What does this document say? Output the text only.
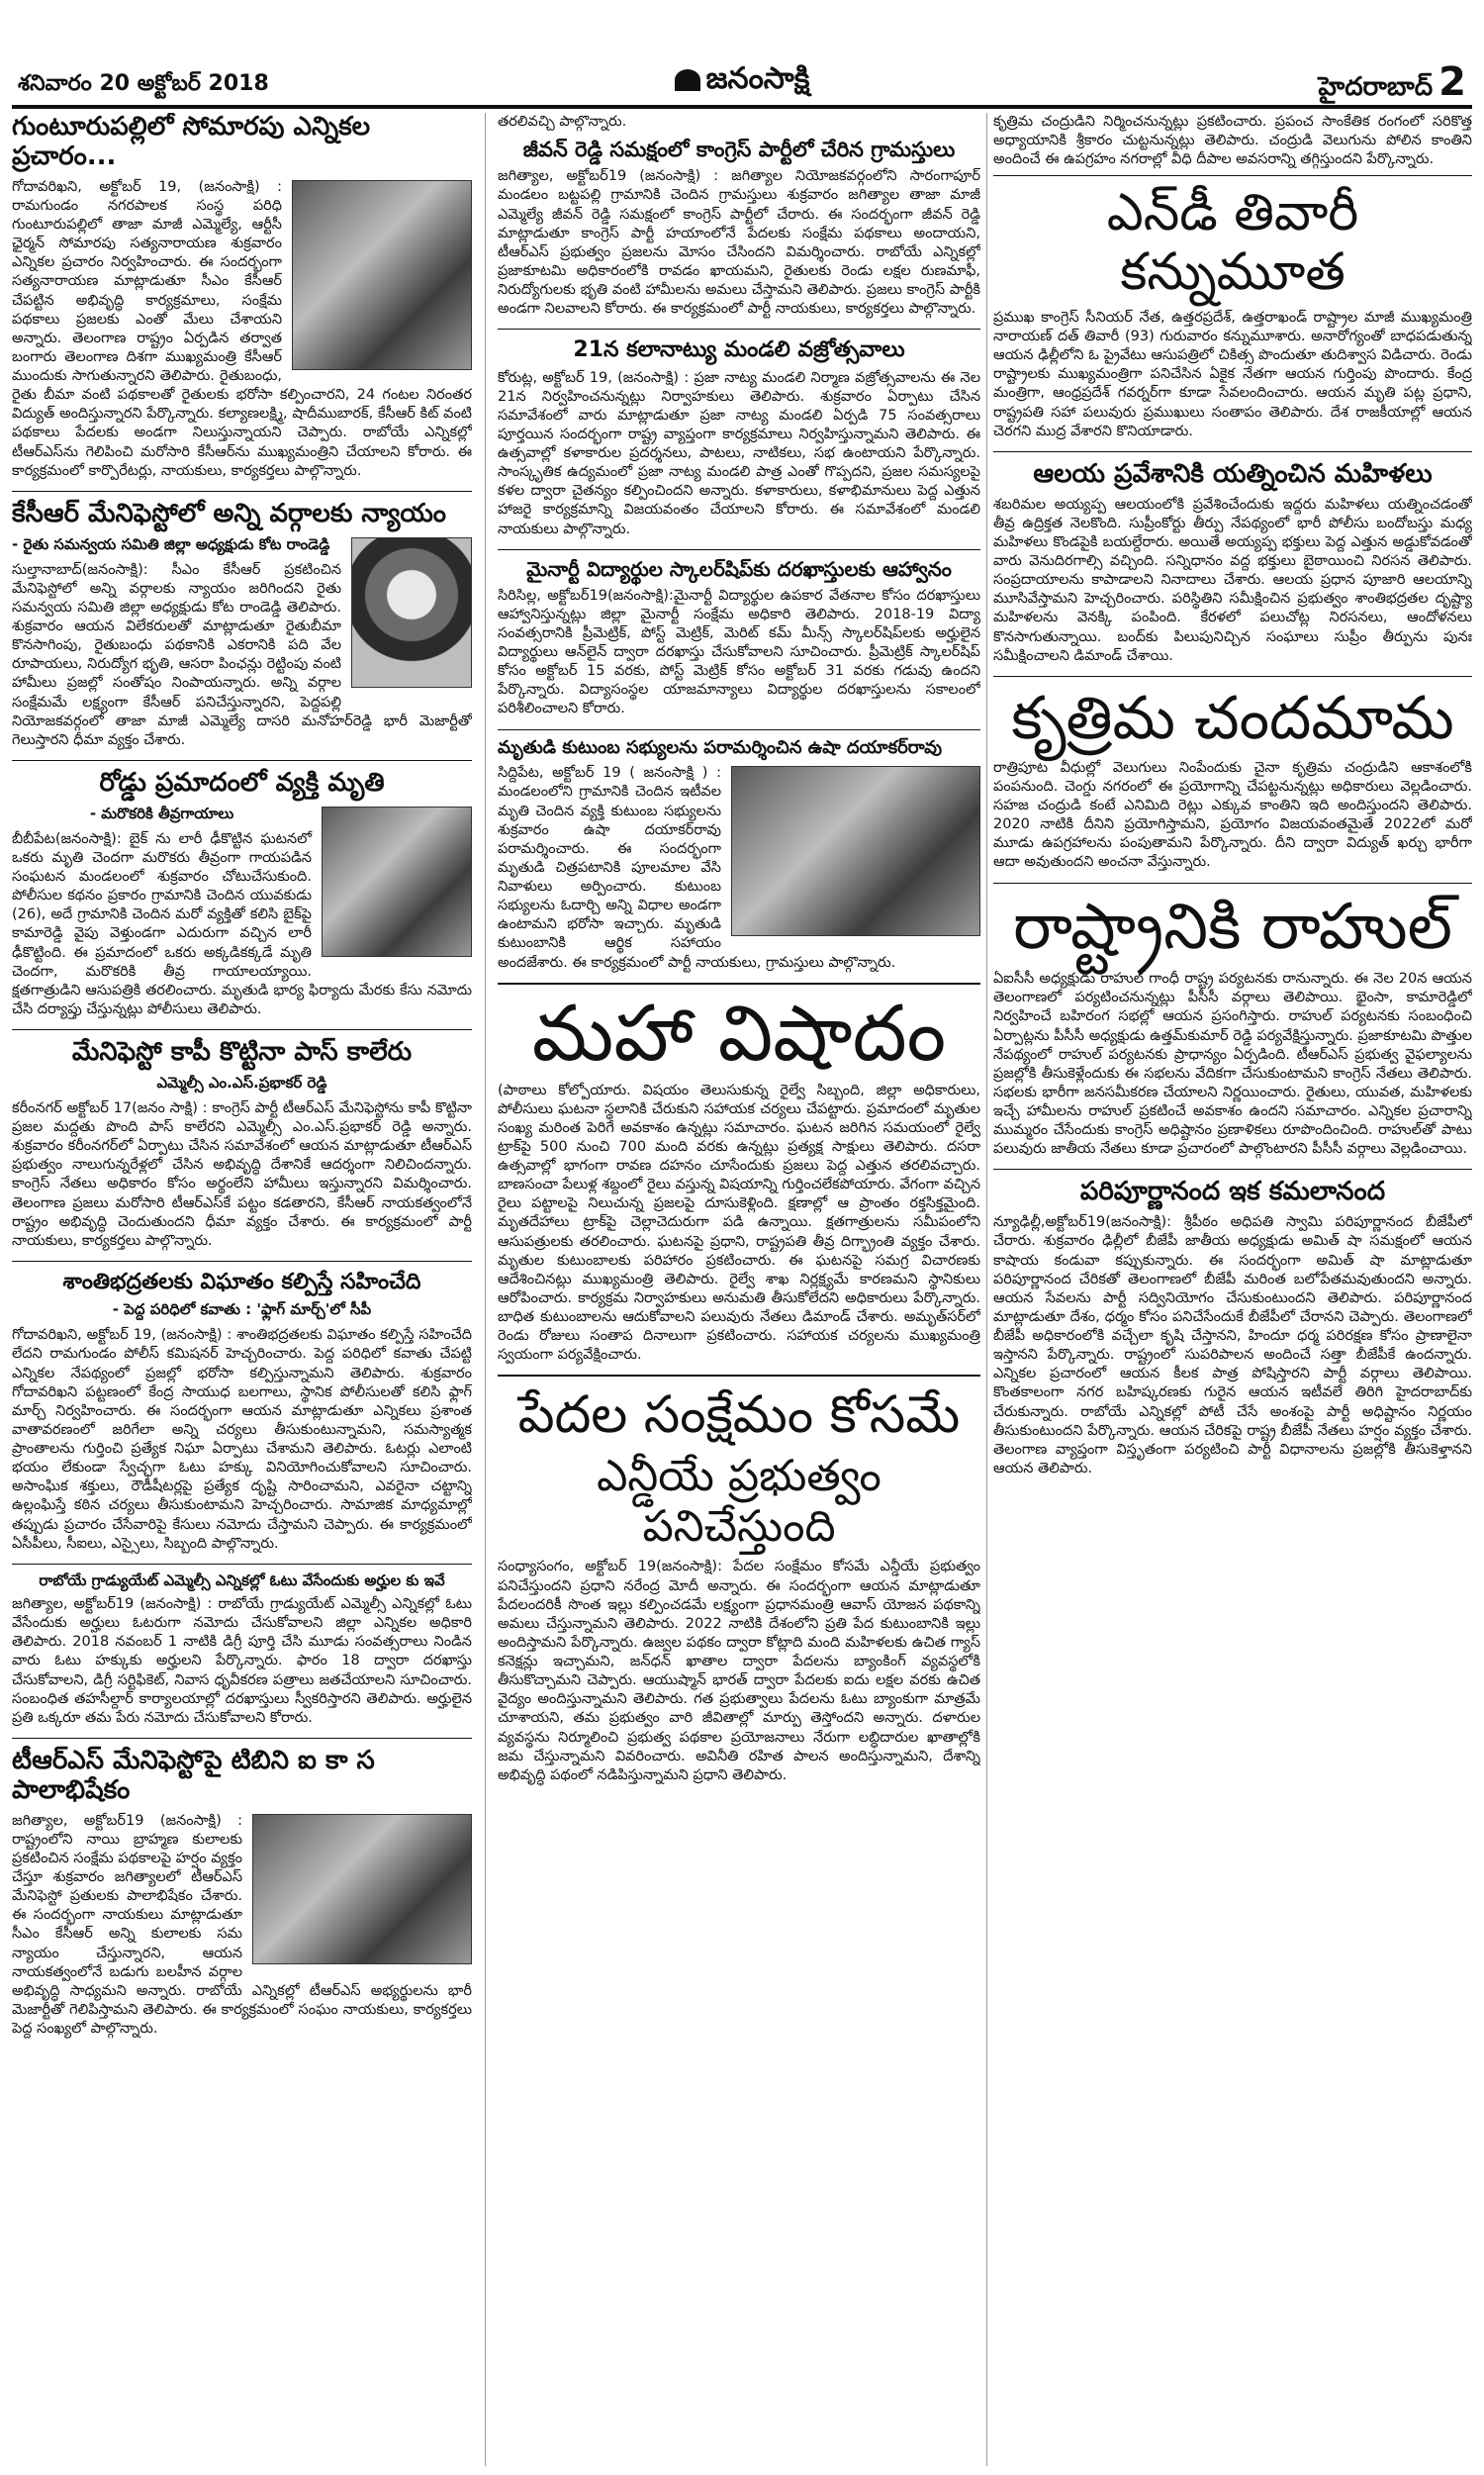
శనివారం 20 అక్టోబర్‌ 2018	జనంసాక్షి	హైదరాబాద్‌ 2
గుంటూరుపల్లిలో సోమారపు ఎన్నికల ప్రచారం...

గోదావరిఖని, అక్టోబర్‌ 19, (జనంసాక్షి) : రామగుండం నగరపాలక సంస్థ పరిధి గుంటూరుపల్లిలో తాజా మాజీ ఎమ్మెల్యే, ఆర్టీసీ ఛైర్మన్‌ సోమారపు సత్యనారాయణ శుక్రవారం ఎన్నికల ప్రచారం నిర్వహించారు. ఈ సందర్భంగా సత్యనారాయణ మాట్లాడుతూ సీఎం కేసీఆర్‌ చేపట్టిన అభివృద్ధి కార్యక్రమాలు, సంక్షేమ పథకాలు ప్రజలకు ఎంతో మేలు చేశాయని అన్నారు. తెలంగాణ రాష్ట్రం ఏర్పడిన తర్వాత బంగారు తెలంగాణ దిశగా ముఖ్యమంత్రి కేసీఆర్‌ ముందుకు సాగుతున్నారని తెలిపారు. రైతుబంధు, రైతు బీమా వంటి పథకాలతో రైతులకు భరోసా కల్పించారని, 24 గంటల నిరంతర విద్యుత్‌ అందిస్తున్నారని పేర్కొన్నారు. కల్యాణలక్ష్మి, షాదీముబారక్‌, కేసీఆర్‌ కిట్‌ వంటి పథకాలు పేదలకు అండగా నిలుస్తున్నాయని చెప్పారు. రాబోయే ఎన్నికల్లో టీఆర్‌ఎస్‌ను గెలిపించి మరోసారి కేసీఆర్‌ను ముఖ్యమంత్రిని చేయాలని కోరారు. ఈ కార్యక్రమంలో కార్పొరేటర్లు, నాయకులు, కార్యకర్తలు పాల్గొన్నారు.

కేసీఆర్‌ మేనిఫెస్టోలో అన్ని వర్గాలకు న్యాయం
- రైతు సమన్వయ సమితి జిల్లా అధ్యక్షుడు కోట రాండెడ్డి

సుల్తానాబాద్‌(జనంసాక్షి): సీఎం కేసీఆర్‌ ప్రకటించిన మేనిఫెస్టోలో అన్ని వర్గాలకు న్యాయం జరిగిందని రైతు సమన్వయ సమితి జిల్లా అధ్యక్షుడు కోట రాండెడ్డి తెలిపారు. శుక్రవారం ఆయన విలేకరులతో మాట్లాడుతూ రైతుబీమా కొనసాగింపు, రైతుబంధు పథకానికి ఎకరానికి పది వేల రూపాయలు, నిరుద్యోగ భృతి, ఆసరా పింఛన్లు రెట్టింపు వంటి హామీలు ప్రజల్లో సంతోషం నింపాయన్నారు. అన్ని వర్గాల సంక్షేమమే లక్ష్యంగా కేసీఆర్‌ పనిచేస్తున్నారని, పెద్దపల్లి నియోజకవర్గంలో తాజా మాజీ ఎమ్మెల్యే దాసరి మనోహర్‌రెడ్డి భారీ మెజార్టీతో గెలుస్తారని ధీమా వ్యక్తం చేశారు.

రోడ్డు ప్రమాదంలో వ్యక్తి మృతి
- మరొకరికి తీవ్రగాయాలు

బీబీపేట(జనంసాక్షి): బైక్‌ ను లారీ ఢీకొట్టిన ఘటనలో ఒకరు మృతి చెందగా మరొకరు తీవ్రంగా గాయపడిన సంఘటన మండలంలో శుక్రవారం చోటుచేసుకుంది. పోలీసుల కథనం ప్రకారం గ్రామానికి చెందిన యువకుడు (26), అదే గ్రామానికి చెందిన మరో వ్యక్తితో కలిసి బైక్‌పై కామారెడ్డి వైపు వెళ్తుండగా ఎదురుగా వచ్చిన లారీ ఢీకొట్టింది. ఈ ప్రమాదంలో ఒకరు అక్కడికక్కడే మృతి చెందగా, మరొకరికి తీవ్ర గాయాలయ్యాయి. క్షతగాత్రుడిని ఆసుపత్రికి తరలించారు. మృతుడి భార్య ఫిర్యాదు మేరకు కేసు నమోదు చేసి దర్యాప్తు చేస్తున్నట్లు పోలీసులు తెలిపారు.

మేనిఫెస్టో కాపీ కొట్టినా పాస్‌ కాలేరు
ఎమ్మెల్సీ ఎం.ఎస్‌.ప్రభాకర్‌ రెడ్డి

కరీంనగర్‌ అక్టోబర్‌ 17(జనం సాక్షి) : కాంగ్రెస్‌ పార్టీ టీఆర్‌ఎస్‌ మేనిఫెస్టోను కాపీ కొట్టినా ప్రజల మద్దతు పొంది పాస్‌ కాలేరని ఎమ్మెల్సీ ఎం.ఎస్‌.ప్రభాకర్‌ రెడ్డి అన్నారు. శుక్రవారం కరీంనగర్‌లో ఏర్పాటు చేసిన సమావేశంలో ఆయన మాట్లాడుతూ టీఆర్‌ఎస్‌ ప్రభుత్వం నాలుగున్నరేళ్లలో చేసిన అభివృద్ధి దేశానికే ఆదర్శంగా నిలిచిందన్నారు. కాంగ్రెస్‌ నేతలు అధికారం కోసం అర్థంలేని హామీలు ఇస్తున్నారని విమర్శించారు. తెలంగాణ ప్రజలు మరోసారి టీఆర్‌ఎస్‌కే పట్టం కడతారని, కేసీఆర్‌ నాయకత్వంలోనే రాష్ట్రం అభివృద్ధి చెందుతుందని ధీమా వ్యక్తం చేశారు. ఈ కార్యక్రమంలో పార్టీ నాయకులు, కార్యకర్తలు పాల్గొన్నారు.

శాంతిభద్రతలకు విఘాతం కల్పిస్తే సహించేది
- పెద్ద పరిధిలో కవాతు : 'ఫ్లాగ్‌ మార్చ్‌'లో సీపీ

గోదావరిఖని, అక్టోబర్‌ 19, (జనంసాక్షి) : శాంతిభద్రతలకు విఘాతం కల్పిస్తే సహించేది లేదని రామగుండం పోలీస్‌ కమిషనర్‌ హెచ్చరించారు. పెద్ద పరిధిలో కవాతు చేపట్టి ఎన్నికల నేపథ్యంలో ప్రజల్లో భరోసా కల్పిస్తున్నామని తెలిపారు. శుక్రవారం గోదావరిఖని పట్టణంలో కేంద్ర సాయుధ బలగాలు, స్థానిక పోలీసులతో కలిసి ఫ్లాగ్‌ మార్చ్‌ నిర్వహించారు. ఈ సందర్భంగా ఆయన మాట్లాడుతూ ఎన్నికలు ప్రశాంత వాతావరణంలో జరిగేలా అన్ని చర్యలు తీసుకుంటున్నామని, సమస్యాత్మక ప్రాంతాలను గుర్తించి ప్రత్యేక నిఘా ఏర్పాటు చేశామని తెలిపారు. ఓటర్లు ఎలాంటి భయం లేకుండా స్వేచ్ఛగా ఓటు హక్కు వినియోగించుకోవాలని సూచించారు. అసాంఘిక శక్తులు, రౌడీషీటర్లపై ప్రత్యేక దృష్టి సారించామని, ఎవరైనా చట్టాన్ని ఉల్లంఘిస్తే కఠిన చర్యలు తీసుకుంటామని హెచ్చరించారు. సామాజిక మాధ్యమాల్లో తప్పుడు ప్రచారం చేసేవారిపై కేసులు నమోదు చేస్తామని చెప్పారు. ఈ కార్యక్రమంలో ఏసీపీలు, సీఐలు, ఎస్సైలు, సిబ్బంది పాల్గొన్నారు.

రాబోయే గ్రాడ్యుయేట్‌ ఎమ్మెల్సీ ఎన్నికల్లో ఓటు వేసేందుకు అర్హుల కు ఇవే

జగిత్యాల, అక్టోబర్‌19 (జనంసాక్షి) : రాబోయే గ్రాడ్యుయేట్‌ ఎమ్మెల్సీ ఎన్నికల్లో ఓటు వేసేందుకు అర్హులు ఓటరుగా నమోదు చేసుకోవాలని జిల్లా ఎన్నికల అధికారి తెలిపారు. 2018 నవంబర్‌ 1 నాటికి డిగ్రీ పూర్తి చేసి మూడు సంవత్సరాలు నిండిన వారు ఓటు హక్కుకు అర్హులని పేర్కొన్నారు. ఫారం 18 ద్వారా దరఖాస్తు చేసుకోవాలని, డిగ్రీ సర్టిఫికెట్‌, నివాస ధృవీకరణ పత్రాలు జతచేయాలని సూచించారు. సంబంధిత తహసీల్దార్‌ కార్యాలయాల్లో దరఖాస్తులు స్వీకరిస్తారని తెలిపారు. అర్హులైన ప్రతి ఒక్కరూ తమ పేరు నమోదు చేసుకోవాలని కోరారు.

టీఆర్‌ఎస్‌ మేనిఫెస్టోపై టిబిని ఐ కా స పాలాభిషేకం

జగిత్యాల, అక్టోబర్‌19 (జనంసాక్షి) : రాష్ట్రంలోని నాయి బ్రాహ్మణ కులాలకు ప్రకటించిన సంక్షేమ పథకాలపై హర్షం వ్యక్తం చేస్తూ శుక్రవారం జగిత్యాలలో టీఆర్‌ఎస్‌ మేనిఫెస్టో ప్రతులకు పాలాభిషేకం చేశారు. ఈ సందర్భంగా నాయకులు మాట్లాడుతూ సీఎం కేసీఆర్‌ అన్ని కులాలకు సమ న్యాయం చేస్తున్నారని, ఆయన నాయకత్వంలోనే బడుగు బలహీన వర్గాల అభివృద్ధి సాధ్యమని అన్నారు. రాబోయే ఎన్నికల్లో టీఆర్‌ఎస్‌ అభ్యర్థులను భారీ మెజార్టీతో గెలిపిస్తామని తెలిపారు. ఈ కార్యక్రమంలో సంఘం నాయకులు, కార్యకర్తలు పెద్ద సంఖ్యలో పాల్గొన్నారు.

తరలివచ్చి పాల్గొన్నారు.

జీవన్‌ రెడ్డి సమక్షంలో కాంగ్రెస్‌ పార్టీలో చేరిన గ్రామస్తులు

జగిత్యాల, అక్టోబర్‌19 (జనంసాక్షి) : జగిత్యాల నియోజకవర్గంలోని సారంగాపూర్‌ మండలం బట్టపల్లి గ్రామానికి చెందిన గ్రామస్తులు శుక్రవారం జగిత్యాల తాజా మాజీ ఎమ్మెల్యే జీవన్‌ రెడ్డి సమక్షంలో కాంగ్రెస్‌ పార్టీలో చేరారు. ఈ సందర్భంగా జీవన్‌ రెడ్డి మాట్లాడుతూ కాంగ్రెస్‌ పార్టీ హయాంలోనే పేదలకు సంక్షేమ పథకాలు అందాయని, టీఆర్‌ఎస్‌ ప్రభుత్వం ప్రజలను మోసం చేసిందని విమర్శించారు. రాబోయే ఎన్నికల్లో ప్రజాకూటమి అధికారంలోకి రావడం ఖాయమని, రైతులకు రెండు లక్షల రుణమాఫీ, నిరుద్యోగులకు భృతి వంటి హామీలను అమలు చేస్తామని తెలిపారు. ప్రజలు కాంగ్రెస్‌ పార్టీకి అండగా నిలవాలని కోరారు. ఈ కార్యక్రమంలో పార్టీ నాయకులు, కార్యకర్తలు పాల్గొన్నారు.

21న కలానాట్యు మండలి వజ్రోత్సవాలు

కోరుట్ల, అక్టోబర్‌ 19, (జనంసాక్షి) : ప్రజా నాట్య మండలి నిర్మాణ వజ్రోత్సవాలను ఈ నెల 21న నిర్వహించనున్నట్లు నిర్వాహకులు తెలిపారు. శుక్రవారం ఏర్పాటు చేసిన సమావేశంలో వారు మాట్లాడుతూ ప్రజా నాట్య మండలి ఏర్పడి 75 సంవత్సరాలు పూర్తయిన సందర్భంగా రాష్ట్ర వ్యాప్తంగా కార్యక్రమాలు నిర్వహిస్తున్నామని తెలిపారు. ఈ ఉత్సవాల్లో కళాకారుల ప్రదర్శనలు, పాటలు, నాటికలు, సభ ఉంటాయని పేర్కొన్నారు. సాంస్కృతిక ఉద్యమంలో ప్రజా నాట్య మండలి పాత్ర ఎంతో గొప్పదని, ప్రజల సమస్యలపై కళల ద్వారా చైతన్యం కల్పించిందని అన్నారు. కళాకారులు, కళాభిమానులు పెద్ద ఎత్తున హాజరై కార్యక్రమాన్ని విజయవంతం చేయాలని కోరారు. ఈ సమావేశంలో మండలి నాయకులు పాల్గొన్నారు.

మైనార్టీ విద్యార్థుల స్కాలర్‌షిప్‌కు దరఖాస్తులకు ఆహ్వానం

సిరిసిల్ల, అక్టోబర్‌19(జనంసాక్షి):మైనార్టీ విద్యార్థుల ఉపకార వేతనాల కోసం దరఖాస్తులు ఆహ్వానిస్తున్నట్లు జిల్లా మైనార్టీ సంక్షేమ అధికారి తెలిపారు. 2018-19 విద్యా సంవత్సరానికి ప్రీమెట్రిక్‌, పోస్ట్‌ మెట్రిక్‌, మెరిట్‌ కమ్‌ మీన్స్‌ స్కాలర్‌షిప్‌లకు అర్హులైన విద్యార్థులు ఆన్‌లైన్‌ ద్వారా దరఖాస్తు చేసుకోవాలని సూచించారు. ప్రీమెట్రిక్‌ స్కాలర్‌షిప్‌ కోసం అక్టోబర్‌ 15 వరకు, పోస్ట్‌ మెట్రిక్‌ కోసం అక్టోబర్‌ 31 వరకు గడువు ఉందని పేర్కొన్నారు. విద్యాసంస్థల యాజమాన్యాలు విద్యార్థుల దరఖాస్తులను సకాలంలో పరిశీలించాలని కోరారు.

మృతుడి కుటుంబ సభ్యులను పరామర్శించిన ఉషా దయాకర్‌రావు

సిద్దిపేట, అక్టోబర్‌ 19 ( జనంసాక్షి ) : మండలంలోని గ్రామానికి చెందిన ఇటీవల మృతి చెందిన వ్యక్తి కుటుంబ సభ్యులను శుక్రవారం ఉషా దయాకర్‌రావు పరామర్శించారు. ఈ సందర్భంగా మృతుడి చిత్రపటానికి పూలమాల వేసి నివాళులు అర్పించారు. కుటుంబ సభ్యులను ఓదార్చి అన్ని విధాల అండగా ఉంటామని భరోసా ఇచ్చారు. మృతుడి కుటుంబానికి ఆర్థిక సహాయం అందజేశారు. ఈ కార్యక్రమంలో పార్టీ నాయకులు, గ్రామస్తులు పాల్గొన్నారు.

మహా విషాదం

(పాఠాలు కోల్పోయారు. విషయం తెలుసుకున్న రైల్వే సిబ్బంది, జిల్లా అధికారులు, పోలీసులు ఘటనా స్థలానికి చేరుకుని సహాయక చర్యలు చేపట్టారు. ప్రమాదంలో మృతుల సంఖ్య మరింత పెరిగే అవకాశం ఉన్నట్లు సమాచారం. ఘటన జరిగిన సమయంలో రైల్వే ట్రాక్‌పై 500 నుంచి 700 మంది వరకు ఉన్నట్లు ప్రత్యక్ష సాక్షులు తెలిపారు. దసరా ఉత్సవాల్లో భాగంగా రావణ దహనం చూసేందుకు ప్రజలు పెద్ద ఎత్తున తరలివచ్చారు. బాణసంచా పేలుళ్ల శబ్దంలో రైలు వస్తున్న విషయాన్ని గుర్తించలేకపోయారు. వేగంగా వచ్చిన రైలు పట్టాలపై నిలుచున్న ప్రజలపై దూసుకెళ్లింది. క్షణాల్లో ఆ ప్రాంతం రక్తసిక్తమైంది. మృతదేహాలు ట్రాక్‌పై చెల్లాచెదురుగా పడి ఉన్నాయి. క్షతగాత్రులను సమీపంలోని ఆసుపత్రులకు తరలించారు. ఘటనపై ప్రధాని, రాష్ట్రపతి తీవ్ర దిగ్భ్రాంతి వ్యక్తం చేశారు. మృతుల కుటుంబాలకు పరిహారం ప్రకటించారు. ఈ ఘటనపై సమగ్ర విచారణకు ఆదేశించినట్లు ముఖ్యమంత్రి తెలిపారు. రైల్వే శాఖ నిర్లక్ష్యమే కారణమని స్థానికులు ఆరోపించారు. కార్యక్రమ నిర్వాహకులు అనుమతి తీసుకోలేదని అధికారులు పేర్కొన్నారు. బాధిత కుటుంబాలను ఆదుకోవాలని పలువురు నేతలు డిమాండ్‌ చేశారు. అమృత్‌సర్‌లో రెండు రోజులు సంతాప దినాలుగా ప్రకటించారు. సహాయక చర్యలను ముఖ్యమంత్రి స్వయంగా పర్యవేక్షించారు.

పేదల సంక్షేమం కోసమే
ఎన్డీయే ప్రభుత్వం పనిచేస్తుంది

సంధ్యాసంగం, అక్టోబర్‌ 19(జనంసాక్షి): పేదల సంక్షేమం కోసమే ఎన్డీయే ప్రభుత్వం పనిచేస్తుందని ప్రధాని నరేంద్ర మోదీ అన్నారు. ఈ సందర్భంగా ఆయన మాట్లాడుతూ పేదలందరికీ సొంత ఇల్లు కల్పించడమే లక్ష్యంగా ప్రధానమంత్రి ఆవాస్‌ యోజన పథకాన్ని అమలు చేస్తున్నామని తెలిపారు. 2022 నాటికి దేశంలోని ప్రతి పేద కుటుంబానికి ఇల్లు అందిస్తామని పేర్కొన్నారు. ఉజ్వల పథకం ద్వారా కోట్లాది మంది మహిళలకు ఉచిత గ్యాస్‌ కనెక్షన్లు ఇచ్చామని, జన్‌ధన్‌ ఖాతాల ద్వారా పేదలను బ్యాంకింగ్‌ వ్యవస్థలోకి తీసుకొచ్చామని చెప్పారు. ఆయుష్మాన్‌ భారత్‌ ద్వారా పేదలకు ఐదు లక్షల వరకు ఉచిత వైద్యం అందిస్తున్నామని తెలిపారు. గత ప్రభుత్వాలు పేదలను ఓటు బ్యాంకుగా మాత్రమే చూశాయని, తమ ప్రభుత్వం వారి జీవితాల్లో మార్పు తెస్తోందని అన్నారు. దళారుల వ్యవస్థను నిర్మూలించి ప్రభుత్వ పథకాల ప్రయోజనాలు నేరుగా లబ్ధిదారుల ఖాతాల్లోకి జమ చేస్తున్నామని వివరించారు. అవినీతి రహిత పాలన అందిస్తున్నామని, దేశాన్ని అభివృద్ధి పథంలో నడిపిస్తున్నామని ప్రధాని తెలిపారు.

కృత్రిమ చంద్రుడిని నిర్మించనున్నట్లు ప్రకటించారు. ప్రపంచ సాంకేతిక రంగంలో సరికొత్త అధ్యాయానికి శ్రీకారం చుట్టనున్నట్లు తెలిపారు. చంద్రుడి వెలుగును పోలిన కాంతిని అందించే ఈ ఉపగ్రహం నగరాల్లో వీధి దీపాల అవసరాన్ని తగ్గిస్తుందని పేర్కొన్నారు.

ఎన్‌డీ తివారీ కన్నుమూత

ప్రముఖ కాంగ్రెస్‌ సీనియర్‌ నేత, ఉత్తరప్రదేశ్‌, ఉత్తరాఖండ్‌ రాష్ట్రాల మాజీ ముఖ్యమంత్రి నారాయణ్‌ దత్‌ తివారీ (93) గురువారం కన్నుమూశారు. అనారోగ్యంతో బాధపడుతున్న ఆయన ఢిల్లీలోని ఓ ప్రైవేటు ఆసుపత్రిలో చికిత్స పొందుతూ తుదిశ్వాస విడిచారు. రెండు రాష్ట్రాలకు ముఖ్యమంత్రిగా పనిచేసిన ఏకైక నేతగా ఆయన గుర్తింపు పొందారు. కేంద్ర మంత్రిగా, ఆంధ్రప్రదేశ్‌ గవర్నర్‌గా కూడా సేవలందించారు. ఆయన మృతి పట్ల ప్రధాని, రాష్ట్రపతి సహా పలువురు ప్రముఖులు సంతాపం తెలిపారు. దేశ రాజకీయాల్లో ఆయన చెరగని ముద్ర వేశారని కొనియాడారు.

ఆలయ ప్రవేశానికి యత్నించిన మహిళలు

శబరిమల అయ్యప్ప ఆలయంలోకి ప్రవేశించేందుకు ఇద్దరు మహిళలు యత్నించడంతో తీవ్ర ఉద్రిక్తత నెలకొంది. సుప్రీంకోర్టు తీర్పు నేపథ్యంలో భారీ పోలీసు బందోబస్తు మధ్య మహిళలు కొండపైకి బయల్దేరారు. అయితే అయ్యప్ప భక్తులు పెద్ద ఎత్తున అడ్డుకోవడంతో వారు వెనుదిరగాల్సి వచ్చింది. సన్నిధానం వద్ద భక్తులు బైఠాయించి నిరసన తెలిపారు. సంప్రదాయాలను కాపాడాలని నినాదాలు చేశారు. ఆలయ ప్రధాన పూజారి ఆలయాన్ని మూసివేస్తామని హెచ్చరించారు. పరిస్థితిని సమీక్షించిన ప్రభుత్వం శాంతిభద్రతల దృష్ట్యా మహిళలను వెనక్కి పంపింది. కేరళలో పలుచోట్ల నిరసనలు, ఆందోళనలు కొనసాగుతున్నాయి. బంద్‌కు పిలుపునిచ్చిన సంఘాలు సుప్రీం తీర్పును పునః సమీక్షించాలని డిమాండ్‌ చేశాయి.

కృత్రిమ చందమామ

రాత్రిపూట వీధుల్లో వెలుగులు నింపేందుకు చైనా కృత్రిమ చంద్రుడిని ఆకాశంలోకి పంపనుంది. చెంగ్డు నగరంలో ఈ ప్రయోగాన్ని చేపట్టనున్నట్లు అధికారులు వెల్లడించారు. సహజ చంద్రుడి కంటే ఎనిమిది రెట్లు ఎక్కువ కాంతిని ఇది అందిస్తుందని తెలిపారు. 2020 నాటికి దీనిని ప్రయోగిస్తామని, ప్రయోగం విజయవంతమైతే 2022లో మరో మూడు ఉపగ్రహాలను పంపుతామని పేర్కొన్నారు. దీని ద్వారా విద్యుత్‌ ఖర్చు భారీగా ఆదా అవుతుందని అంచనా వేస్తున్నారు.

రాష్ట్రానికి రాహుల్‌

ఏఐసీసీ అధ్యక్షుడు రాహుల్‌ గాంధీ రాష్ట్ర పర్యటనకు రానున్నారు. ఈ నెల 20న ఆయన తెలంగాణలో పర్యటించనున్నట్లు పీసీసీ వర్గాలు తెలిపాయి. భైంసా, కామారెడ్డిలో నిర్వహించే బహిరంగ సభల్లో ఆయన ప్రసంగిస్తారు. రాహుల్‌ పర్యటనకు సంబంధించి ఏర్పాట్లను పీసీసీ అధ్యక్షుడు ఉత్తమ్‌కుమార్‌ రెడ్డి పర్యవేక్షిస్తున్నారు. ప్రజాకూటమి పొత్తుల నేపథ్యంలో రాహుల్‌ పర్యటనకు ప్రాధాన్యం ఏర్పడింది. టీఆర్‌ఎస్‌ ప్రభుత్వ వైఫల్యాలను ప్రజల్లోకి తీసుకెళ్లేందుకు ఈ సభలను వేదికగా చేసుకుంటామని కాంగ్రెస్‌ నేతలు తెలిపారు. సభలకు భారీగా జనసమీకరణ చేయాలని నిర్ణయించారు. రైతులు, యువత, మహిళలకు ఇచ్చే హామీలను రాహుల్‌ ప్రకటించే అవకాశం ఉందని సమాచారం. ఎన్నికల ప్రచారాన్ని ముమ్మరం చేసేందుకు కాంగ్రెస్‌ అధిష్టానం ప్రణాళికలు రూపొందించింది. రాహుల్‌తో పాటు పలువురు జాతీయ నేతలు కూడా ప్రచారంలో పాల్గొంటారని పీసీసీ వర్గాలు వెల్లడించాయి.

పరిపూర్ణానంద ఇక కమలానంద

న్యూఢిల్లీ,అక్టోబర్‌19(జనంసాక్షి): శ్రీపీఠం అధిపతి స్వామి పరిపూర్ణానంద బీజేపీలో చేరారు. శుక్రవారం ఢిల్లీలో బీజేపీ జాతీయ అధ్యక్షుడు అమిత్‌ షా సమక్షంలో ఆయన కాషాయ కండువా కప్పుకున్నారు. ఈ సందర్భంగా అమిత్‌ షా మాట్లాడుతూ పరిపూర్ణానంద చేరికతో తెలంగాణలో బీజేపీ మరింత బలోపేతమవుతుందని అన్నారు. ఆయన సేవలను పార్టీ సద్వినియోగం చేసుకుంటుందని తెలిపారు. పరిపూర్ణానంద మాట్లాడుతూ దేశం, ధర్మం కోసం పనిచేసేందుకే బీజేపీలో చేరానని చెప్పారు. తెలంగాణలో బీజేపీ అధికారంలోకి వచ్చేలా కృషి చేస్తానని, హిందూ ధర్మ పరిరక్షణ కోసం ప్రాణాలైనా ఇస్తానని పేర్కొన్నారు. రాష్ట్రంలో సుపరిపాలన అందించే సత్తా బీజేపీకే ఉందన్నారు. ఎన్నికల ప్రచారంలో ఆయన కీలక పాత్ర పోషిస్తారని పార్టీ వర్గాలు తెలిపాయి. కొంతకాలంగా నగర బహిష్కరణకు గురైన ఆయన ఇటీవలే తిరిగి హైదరాబాద్‌కు చేరుకున్నారు. రాబోయే ఎన్నికల్లో పోటీ చేసే అంశంపై పార్టీ అధిష్టానం నిర్ణయం తీసుకుంటుందని పేర్కొన్నారు. ఆయన చేరికపై రాష్ట్ర బీజేపీ నేతలు హర్షం వ్యక్తం చేశారు. తెలంగాణ వ్యాప్తంగా విస్తృతంగా పర్యటించి పార్టీ విధానాలను ప్రజల్లోకి తీసుకెళ్తానని ఆయన తెలిపారు.
